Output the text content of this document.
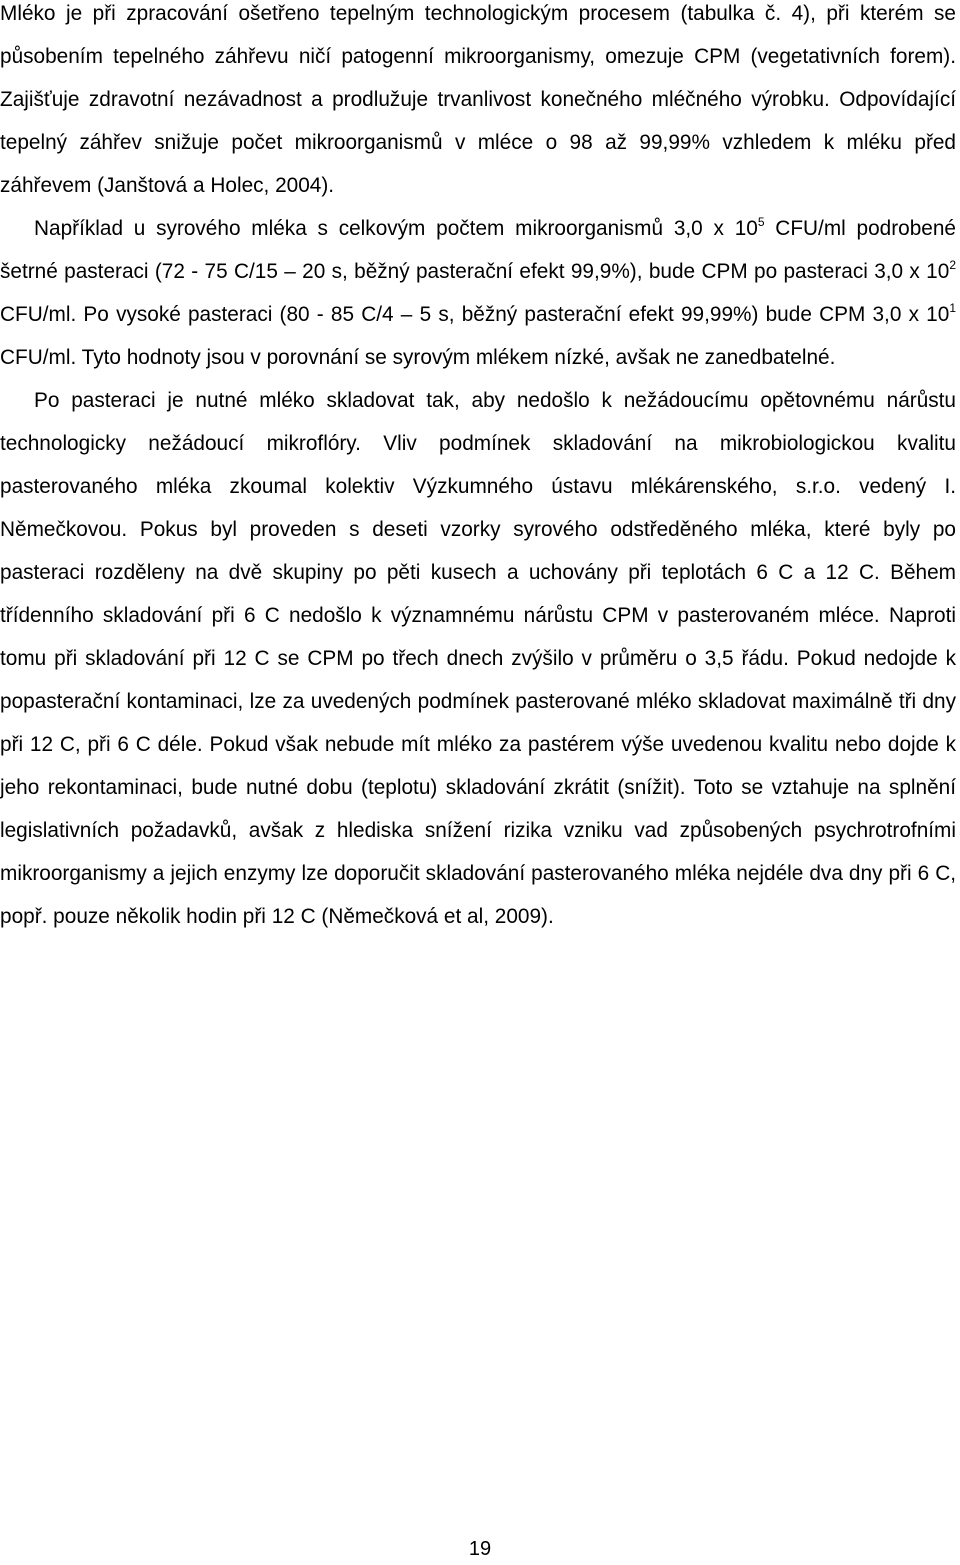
Mléko je při zpracování ošetřeno tepelným technologickým procesem (tabulka č. 4), při kterém se působením tepelného záhřevu ničí patogenní mikroorganismy, omezuje CPM (vegetativních forem). Zajišťuje zdravotní nezávadnost a prodlužuje trvanlivost konečného mléčného výrobku. Odpovídající tepelný záhřev snižuje počet mikroorganismů v mléce o 98 až 99,99% vzhledem k mléku před záhřevem (Janštová a Holec, 2004).

Například u syrového mléka s celkovým počtem mikroorganismů 3,0 x $10^5$ CFU/ml podrobené šetrné pasteraci (72 - 75 C/15 – 20 s, běžný pasterační efekt 99,9%), bude CPM po pasteraci 3,0 x $10^2$ CFU/ml. Po vysoké pasteraci (80 - 85 C/4 – 5 s, běžný pasterační efekt 99,99%) bude CPM 3,0 x $10^1$ CFU/ml. Tyto hodnoty jsou v porovnání se syrovým mlékem nízké, avšak ne zanedbatelné.

Po pasteraci je nutné mléko skladovat tak, aby nedošlo k nežádoucímu opětovnému nárůstu technologicky nežádoucí mikroflóry. Vliv podmínek skladování na mikrobiologickou kvalitu pasterovaného mléka zkoumal kolektiv Výzkumného ústavu mlékárenského, s.r.o. vedený I. Němečkovou. Pokus byl proveden s deseti vzorky syrového odstředěného mléka, které byly po pasteraci rozděleny na dvě skupiny po pěti kusech a uchovány při teplotách 6 C a 12 C. Během třídenního skladování při 6 C nedošlo k významnému nárůstu CPM v pasterovaném mléce. Naproti tomu při skladování při 12 C se CPM po třech dnech zvýšilo v průměru o 3,5 řádu. Pokud nedojde k popasterační kontaminaci, lze za uvedených podmínek pasterované mléko skladovat maximálně tři dny při 12 C, při 6 C déle. Pokud však nebude mít mléko za pastérem výše uvedenou kvalitu nebo dojde k jeho rekontaminaci, bude nutné dobu (teplotu) skladování zkrátit (snížit). Toto se vztahuje na splnění legislativních požadavků, avšak z hlediska snížení rizika vzniku vad způsobených psychrotrofními mikroorganismy a jejich enzymy lze doporučit skladování pasterovaného mléka nejdéle dva dny při 6 C, popř. pouze několik hodin při 12 C (Němečková et al, 2009).

19
